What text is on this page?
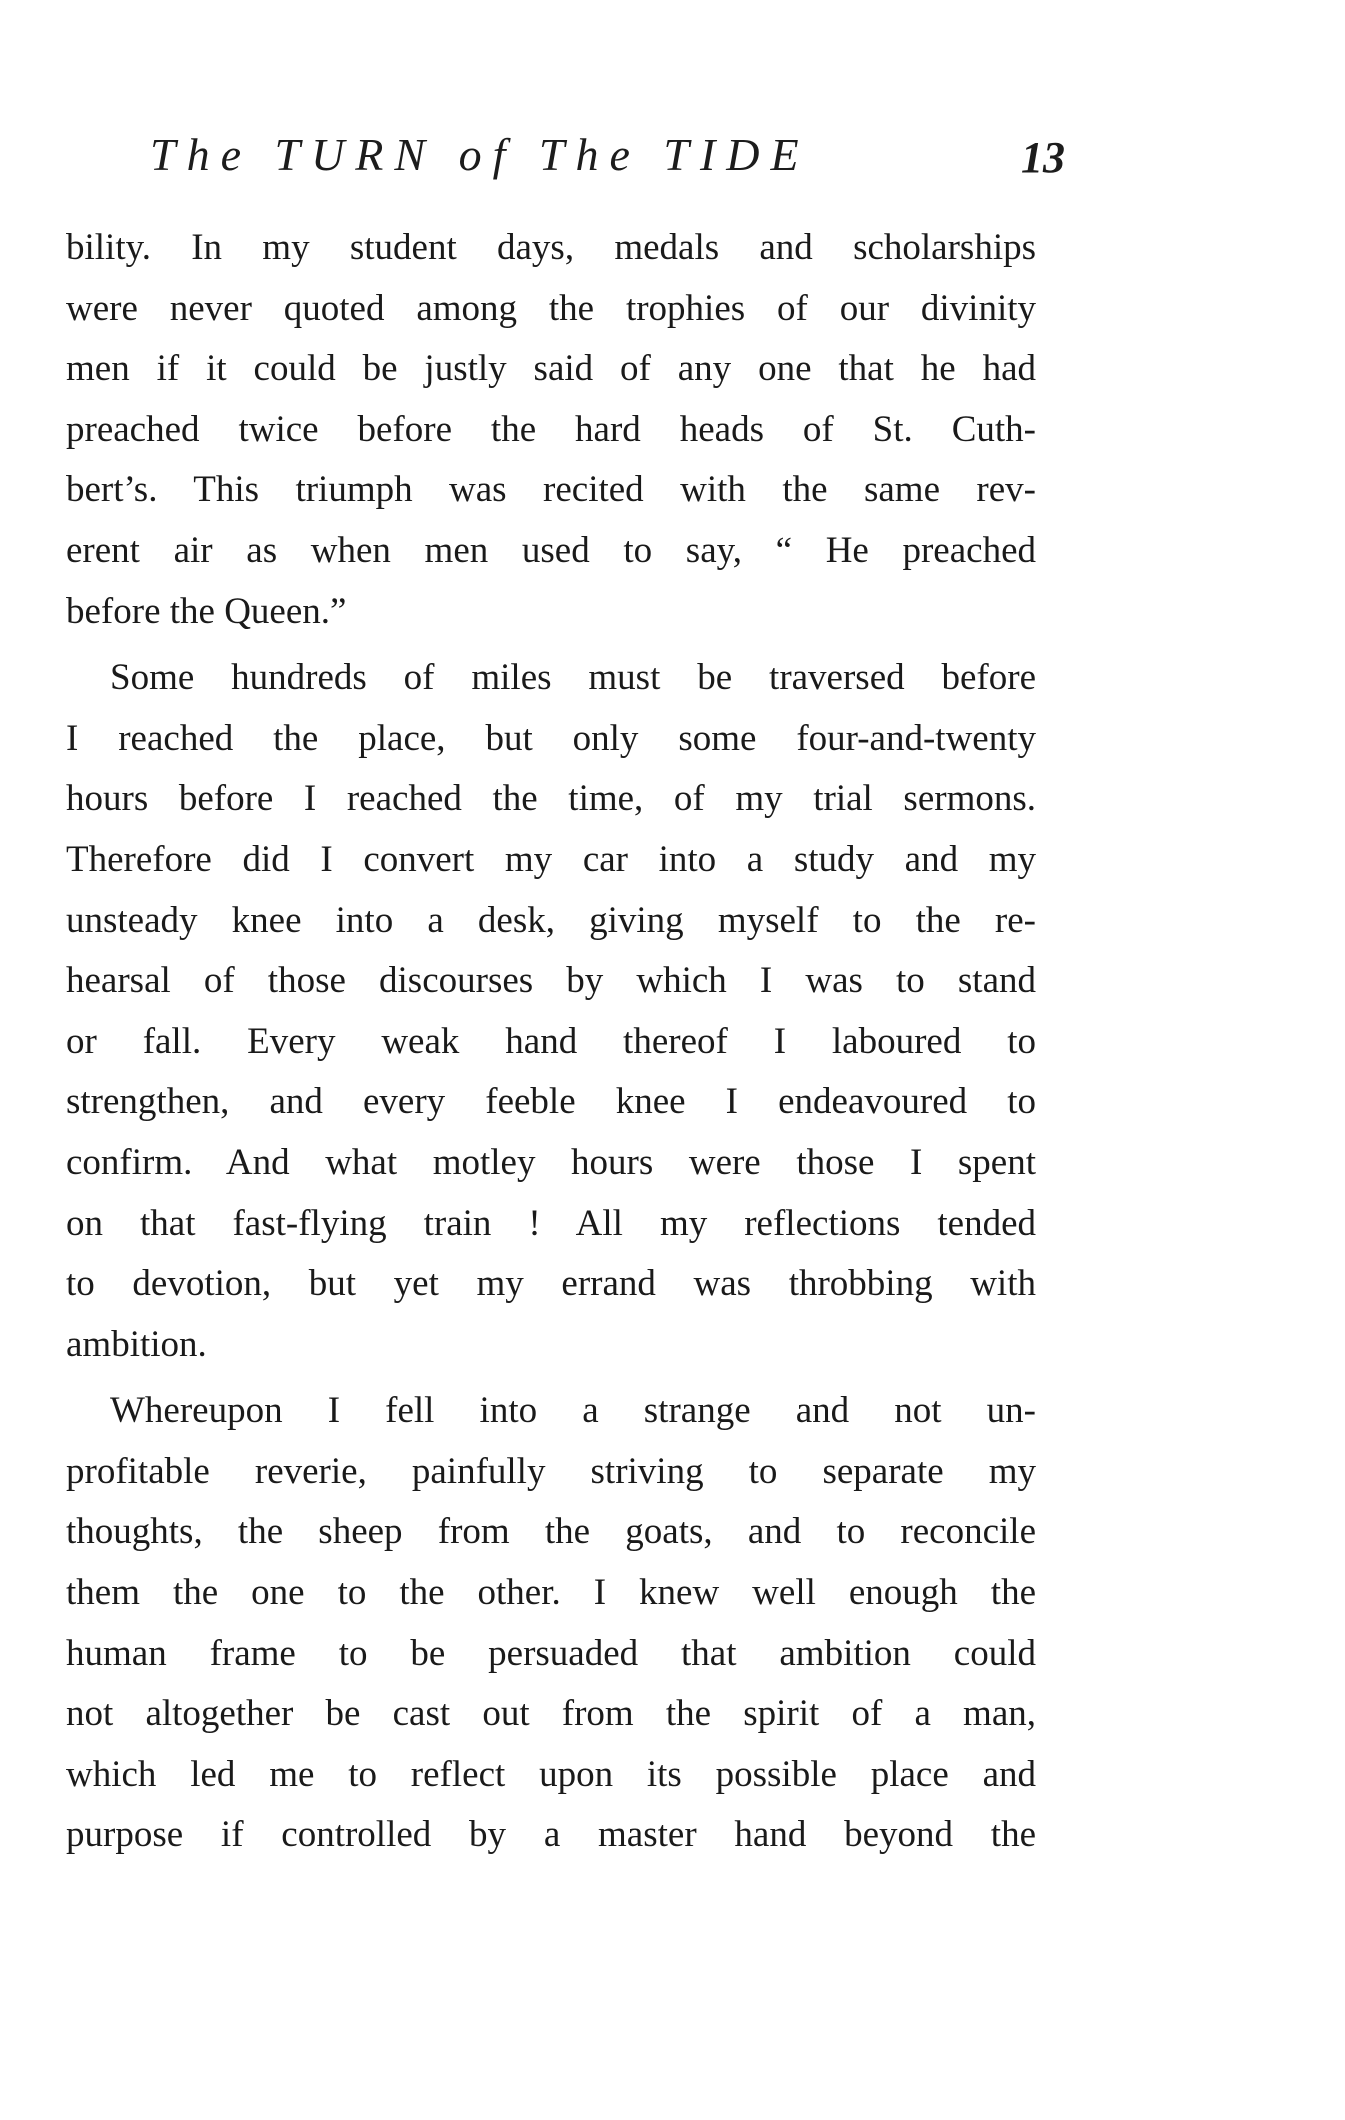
The TURN of The TIDE	13
bility. In my student days, medals and scholarships
were never quoted among the trophies of our divinity
men if it could be justly said of any one that he had
preached twice before the hard heads of St. Cuth-
bert’s. This triumph was recited with the same rev-
erent air as when men used to say, “ He preached
before the Queen.”
Some hundreds of miles must be traversed before
I reached the place, but only some four-and-twenty
hours before I reached the time, of my trial sermons.
Therefore did I convert my car into a study and my
unsteady knee into a desk, giving myself to the re-
hearsal of those discourses by which I was to stand
or fall. Every weak hand thereof I laboured to
strengthen, and every feeble knee I endeavoured to
confirm. And what motley hours were those I spent
on that fast-flying train ! All my reflections tended
to devotion, but yet my errand was throbbing with
ambition.
Whereupon I fell into a strange and not un-
profitable reverie, painfully striving to separate my
thoughts, the sheep from the goats, and to reconcile
them the one to the other. I knew well enough the
human frame to be persuaded that ambition could
not altogether be cast out from the spirit of a man,
which led me to reflect upon its possible place and
purpose if controlled by a master hand beyond the
